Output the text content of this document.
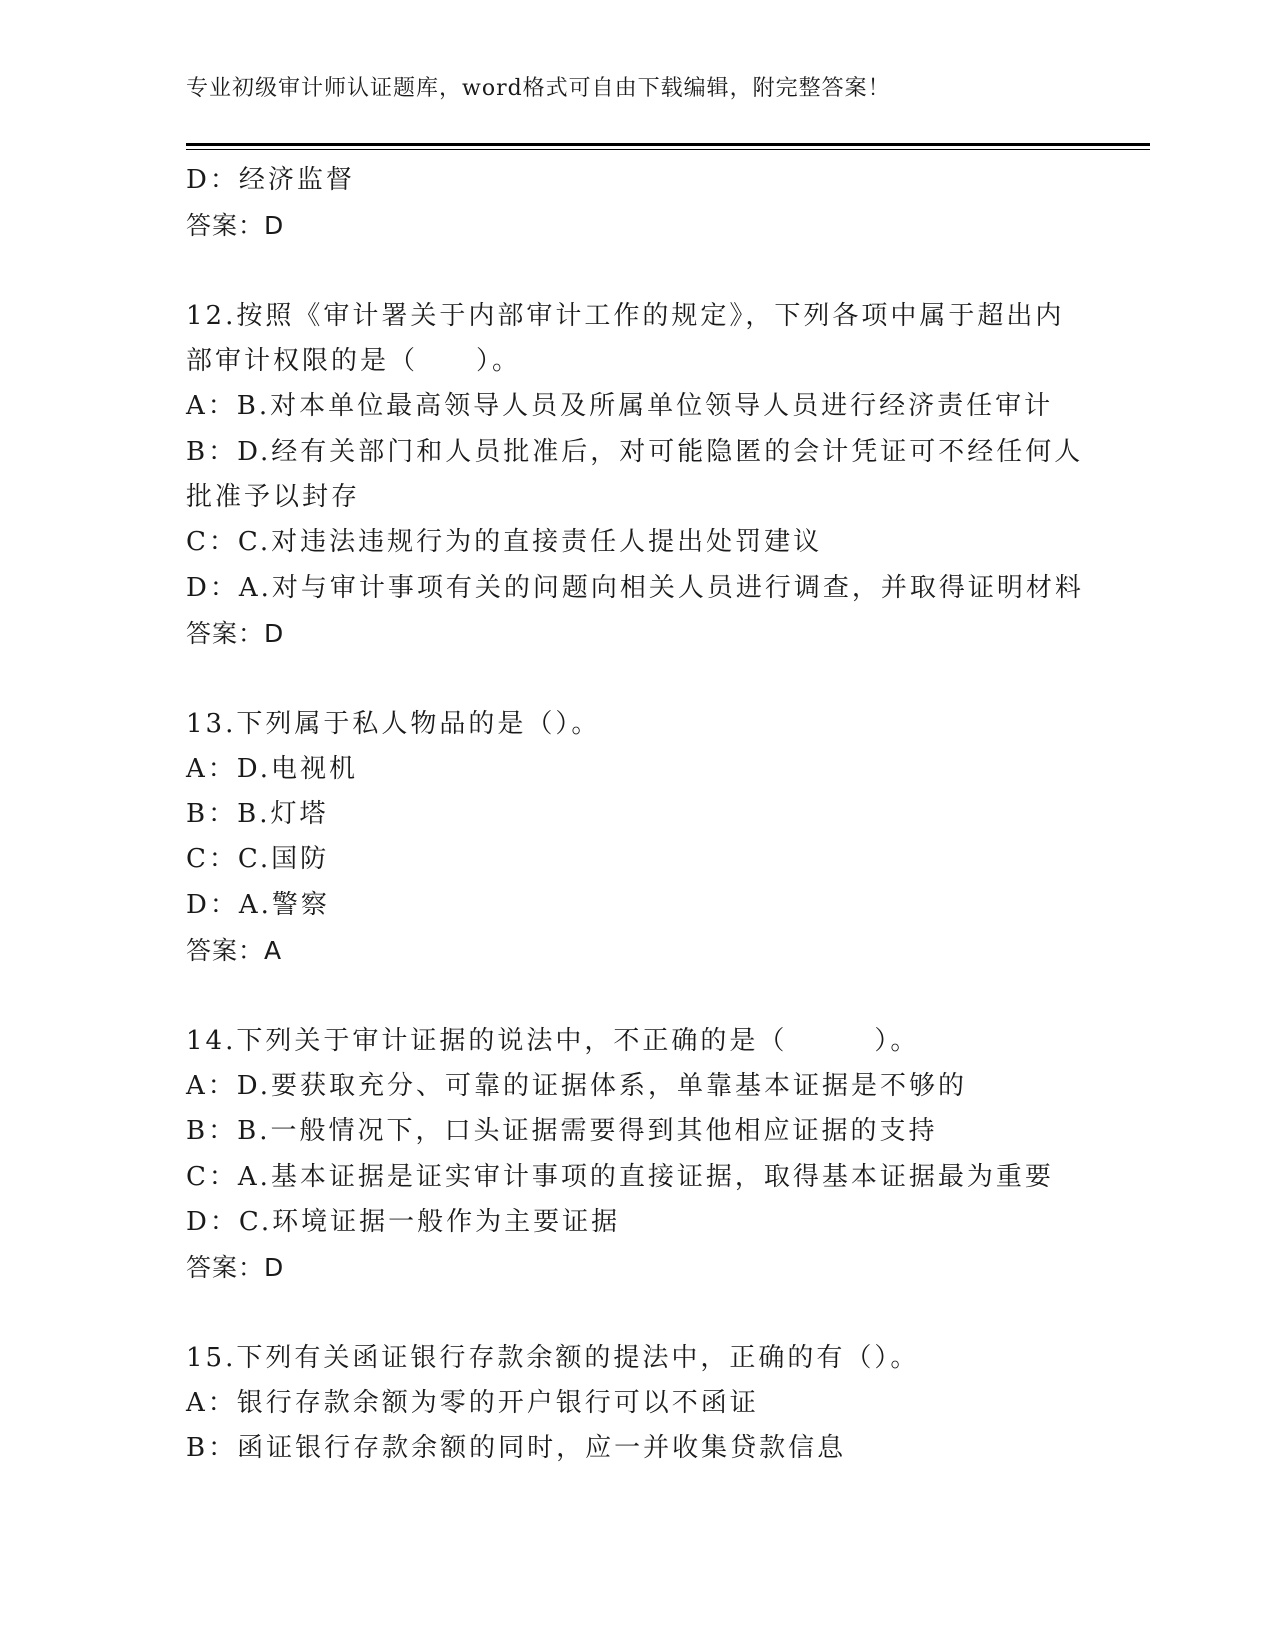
专业初级审计师认证题库，word格式可自由下载编辑，附完整答案！
D：经济监督
答案：D
12.按照《审计署关于内部审计工作的规定》，下列各项中属于超出内
部审计权限的是（　　）。
A：B.对本单位最高领导人员及所属单位领导人员进行经济责任审计
B：D.经有关部门和人员批准后，对可能隐匿的会计凭证可不经任何人
批准予以封存
C：C.对违法违规行为的直接责任人提出处罚建议
D：A.对与审计事项有关的问题向相关人员进行调查，并取得证明材料
答案：D
13.下列属于私人物品的是（）。
A：D.电视机
B：B.灯塔
C：C.国防
D：A.警察
答案：A
14.下列关于审计证据的说法中，不正确的是（　　　）。
A：D.要获取充分、可靠的证据体系，单靠基本证据是不够的
B：B.一般情况下，口头证据需要得到其他相应证据的支持
C：A.基本证据是证实审计事项的直接证据，取得基本证据最为重要
D：C.环境证据一般作为主要证据
答案：D
15.下列有关函证银行存款余额的提法中，正确的有（）。
A：银行存款余额为零的开户银行可以不函证
B：函证银行存款余额的同时，应一并收集贷款信息
